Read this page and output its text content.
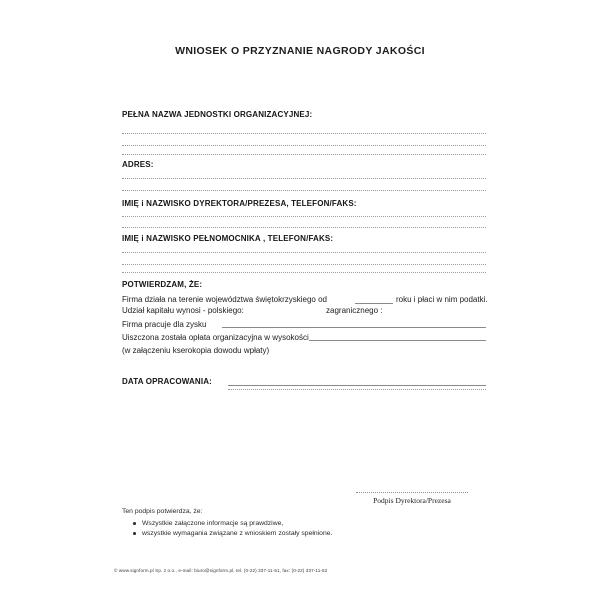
WNIOSEK O PRZYZNANIE NAGRODY JAKOŚCI
PEŁNA NAZWA JEDNOSTKI ORGANIZACYJNEJ:
ADRES:
IMIĘ i NAZWISKO DYREKTORA/PREZESA, TELEFON/FAKS:
IMIĘ i NAZWISKO PEŁNOMOCNIKA , TELEFON/FAKS:
POTWIERDZAM, ŻE:
Firma działa na terenie województwa świętokrzyskiego od	roku i płaci w nim podatki.
Udział kapitału wynosi - polskiego:	zagranicznego :
Firma pracuje dla zysku
Uiszczona została opłata organizacyjna w wysokości
(w załączeniu kserokopia dowodu wpłaty)
DATA OPRACOWANIA:
Podpis Dyrektora/Prezesa
Ten podpis potwierdza, że:
Wszystkie załączone informacje są prawdziwe,
wszystkie wymagania związane z wnioskiem zostały spełnione.
© www.signform.pl Sp. z o.o., e-mail: biuro@signform.pl, tel. (0-22) 337-11-51, fax: (0-22) 337-11-52
